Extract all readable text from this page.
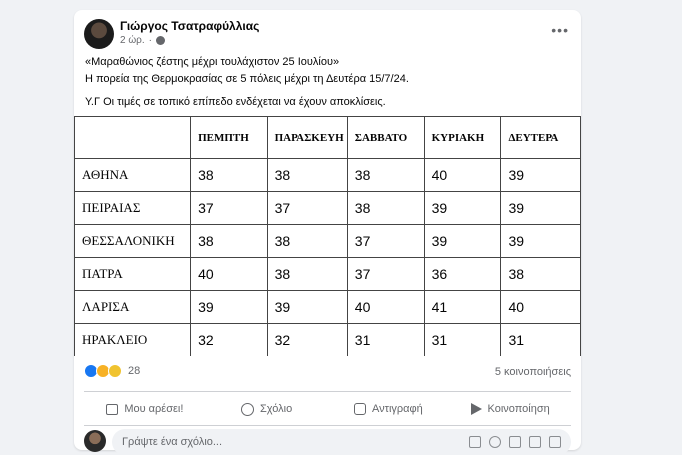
Γιώργος Τσατραφύλλιας
2 ώρ. ·
•••
«Μαραθώνιος ζέστης μέχρι τουλάχιστον 25 Ιουλίου»
Η πορεία της Θερμοκρασίας σε 5 πόλεις μέχρι τη Δευτέρα 15/7/24.
Υ.Γ Οι τιμές σε τοπικό επίπεδο ενδέχεται να έχουν αποκλίσεις.
	ΠΕΜΠΤΗ	ΠΑΡΑΣΚΕΥΗ	ΣΑΒΒΑΤΟ	ΚΥΡΙΑΚΗ	ΔΕΥΤΕΡΑ
ΑΘΗΝΑ	38	38	38	40	39
ΠΕΙΡΑΙΑΣ	37	37	38	39	39
ΘΕΣΣΑΛΟΝΙΚΗ	38	38	37	39	39
ΠΑΤΡΑ	40	38	37	36	38
ΛΑΡΙΣΑ	39	39	40	41	40
ΗΡΑΚΛΕΙΟ	32	32	31	31	31
28	5 κοινοποιήσεις
Μου αρέσει!	Σχόλιο	Αντιγραφή	Κοινοποίηση
Γράψτε ένα σχόλιο...
